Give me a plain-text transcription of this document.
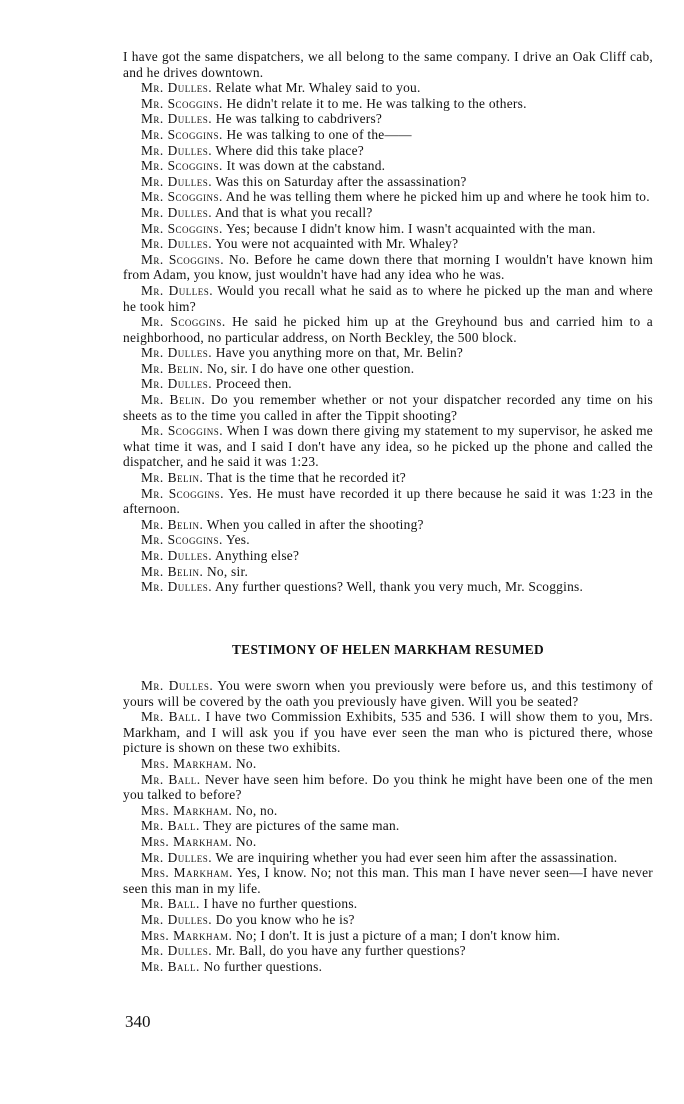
I have got the same dispatchers, we all belong to the same company. I drive an Oak Cliff cab, and he drives downtown.

Mr. Dulles. Relate what Mr. Whaley said to you.

Mr. Scoggins. He didn't relate it to me. He was talking to the others.

Mr. Dulles. He was talking to cabdrivers?

Mr. Scoggins. He was talking to one of the——

Mr. Dulles. Where did this take place?

Mr. Scoggins. It was down at the cabstand.

Mr. Dulles. Was this on Saturday after the assassination?

Mr. Scoggins. And he was telling them where he picked him up and where he took him to.

Mr. Dulles. And that is what you recall?

Mr. Scoggins. Yes; because I didn't know him. I wasn't acquainted with the man.

Mr. Dulles. You were not acquainted with Mr. Whaley?

Mr. Scoggins. No. Before he came down there that morning I wouldn't have known him from Adam, you know, just wouldn't have had any idea who he was.

Mr. Dulles. Would you recall what he said as to where he picked up the man and where he took him?

Mr. Scoggins. He said he picked him up at the Greyhound bus and carried him to a neighborhood, no particular address, on North Beckley, the 500 block.

Mr. Dulles. Have you anything more on that, Mr. Belin?

Mr. Belin. No, sir. I do have one other question.

Mr. Dulles. Proceed then.

Mr. Belin. Do you remember whether or not your dispatcher recorded any time on his sheets as to the time you called in after the Tippit shooting?

Mr. Scoggins. When I was down there giving my statement to my supervisor, he asked me what time it was, and I said I don't have any idea, so he picked up the phone and called the dispatcher, and he said it was 1:23.

Mr. Belin. That is the time that he recorded it?

Mr. Scoggins. Yes. He must have recorded it up there because he said it was 1:23 in the afternoon.

Mr. Belin. When you called in after the shooting?

Mr. Scoggins. Yes.

Mr. Dulles. Anything else?

Mr. Belin. No, sir.

Mr. Dulles. Any further questions? Well, thank you very much, Mr. Scoggins.

TESTIMONY OF HELEN MARKHAM RESUMED

Mr. Dulles. You were sworn when you previously were before us, and this testimony of yours will be covered by the oath you previously have given. Will you be seated?

Mr. Ball. I have two Commission Exhibits, 535 and 536. I will show them to you, Mrs. Markham, and I will ask you if you have ever seen the man who is pictured there, whose picture is shown on these two exhibits.

Mrs. Markham. No.

Mr. Ball. Never have seen him before. Do you think he might have been one of the men you talked to before?

Mrs. Markham. No, no.

Mr. Ball. They are pictures of the same man.

Mrs. Markham. No.

Mr. Dulles. We are inquiring whether you had ever seen him after the assassination.

Mrs. Markham. Yes, I know. No; not this man. This man I have never seen—I have never seen this man in my life.

Mr. Ball. I have no further questions.

Mr. Dulles. Do you know who he is?

Mrs. Markham. No; I don't. It is just a picture of a man; I don't know him.

Mr. Dulles. Mr. Ball, do you have any further questions?

Mr. Ball. No further questions.

340
